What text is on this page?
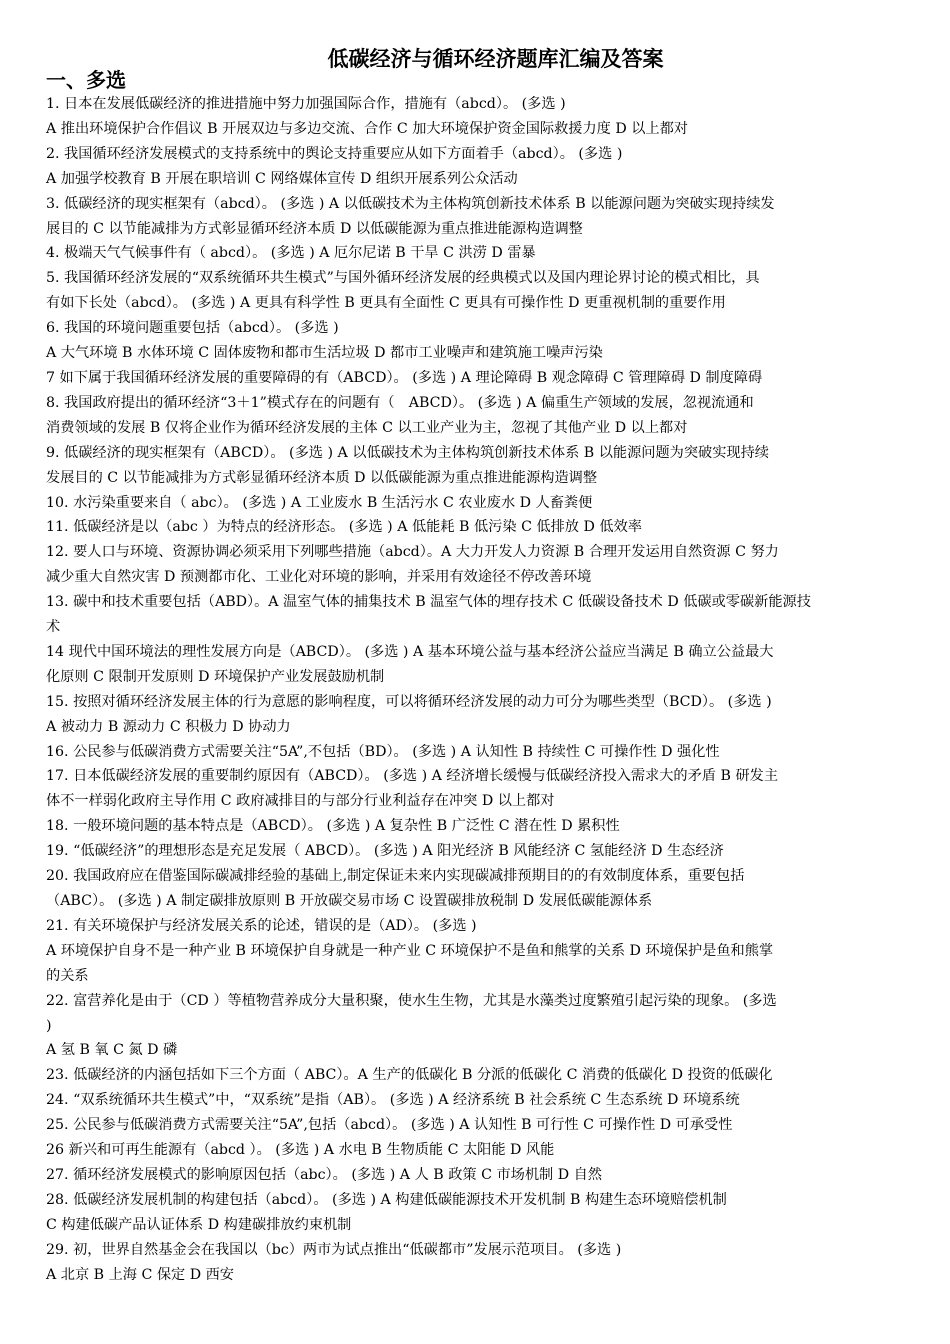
低碳经济与循环经济题库汇编及答案
一、多选

1. 日本在发展低碳经济的推进措施中努力加强国际合作，措施有（abcd）。 (多选 )

A 推出环境保护合作倡议 B 开展双边与多边交流、合作 C 加大环境保护资金国际救援力度 D 以上都对

2. 我国循环经济发展模式的支持系统中的舆论支持重要应从如下方面着手（abcd）。 (多选 )

A 加强学校教育 B 开展在职培训 C 网络媒体宣传 D 组织开展系列公众活动

3. 低碳经济的现实框架有（abcd）。 (多选 ) A 以低碳技术为主体构筑创新技术体系 B 以能源问题为突破实现持续发

展目的 C 以节能减排为方式彰显循环经济本质 D 以低碳能源为重点推进能源构造调整

4. 极端天气气候事件有（ abcd）。 (多选 ) A 厄尔尼诺 B 干旱 C 洪涝 D 雷暴

5. 我国循环经济发展的“双系统循环共生模式”与国外循环经济发展的经典模式以及国内理论界讨论的模式相比，具

有如下长处（abcd）。 (多选 ) A 更具有科学性 B 更具有全面性 C 更具有可操作性 D 更重视机制的重要作用

6. 我国的环境问题重要包括（abcd）。 (多选 )

A 大气环境 B 水体环境 C 固体废物和都市生活垃圾 D 都市工业噪声和建筑施工噪声污染

7 如下属于我国循环经济发展的重要障碍的有（ABCD）。 (多选 ) A 理论障碍 B 观念障碍 C 管理障碍 D 制度障碍

8. 我国政府提出的循环经济“3＋1”模式存在的问题有（　ABCD）。 (多选 ) A 偏重生产领域的发展，忽视流通和

消费领域的发展 B 仅将企业作为循环经济发展的主体 C 以工业产业为主，忽视了其他产业 D 以上都对

9. 低碳经济的现实框架有（ABCD）。 (多选 ) A 以低碳技术为主体构筑创新技术体系 B 以能源问题为突破实现持续

发展目的 C 以节能减排为方式彰显循环经济本质 D 以低碳能源为重点推进能源构造调整

10. 水污染重要来自（ abc）。 (多选 ) A 工业废水 B 生活污水 C 农业废水 D 人畜粪便

11. 低碳经济是以（abc ）为特点的经济形态。 (多选 ) A 低能耗 B 低污染 C 低排放 D 低效率

12. 要人口与环境、资源协调必须采用下列哪些措施（abcd）。A 大力开发人力资源 B 合理开发运用自然资源 C 努力

减少重大自然灾害 D 预测都市化、工业化对环境的影响，并采用有效途径不停改善环境

13. 碳中和技术重要包括（ABD）。A 温室气体的捕集技术 B 温室气体的埋存技术 C 低碳设备技术 D 低碳或零碳新能源技

术

14 现代中国环境法的理性发展方向是（ABCD）。 (多选 ) A 基本环境公益与基本经济公益应当满足 B 确立公益最大

化原则 C 限制开发原则 D 环境保护产业发展鼓励机制

15. 按照对循环经济发展主体的行为意愿的影响程度，可以将循环经济发展的动力可分为哪些类型（BCD）。 (多选 )

A 被动力 B 源动力 C 积极力 D 协动力

16. 公民参与低碳消费方式需要关注“5A”,不包括（BD）。 (多选 ) A 认知性 B 持续性 C 可操作性 D 强化性

17. 日本低碳经济发展的重要制约原因有（ABCD）。 (多选 ) A 经济增长缓慢与低碳经济投入需求大的矛盾 B 研发主

体不一样弱化政府主导作用 C 政府减排目的与部分行业利益存在冲突 D 以上都对

18. 一般环境问题的基本特点是（ABCD）。 (多选 ) A 复杂性 B 广泛性 C 潜在性 D 累积性

19. “低碳经济”的理想形态是充足发展（ ABCD）。 (多选 ) A 阳光经济 B 风能经济 C 氢能经济 D 生态经济

20. 我国政府应在借鉴国际碳减排经验的基础上,制定保证未来内实现碳减排预期目的的有效制度体系，重要包括

（ABC）。 (多选 ) A 制定碳排放原则 B 开放碳交易市场 C 设置碳排放税制 D 发展低碳能源体系

21. 有关环境保护与经济发展关系的论述，错误的是（AD）。 (多选 )

A 环境保护自身不是一种产业 B 环境保护自身就是一种产业 C 环境保护不是鱼和熊掌的关系 D 环境保护是鱼和熊掌

的关系

22. 富营养化是由于（CD ）等植物营养成分大量积聚，使水生生物，尤其是水藻类过度繁殖引起污染的现象。 (多选

)

A 氢 B 氧 C 氮 D 磷

23. 低碳经济的内涵包括如下三个方面（ ABC）。A 生产的低碳化 B 分派的低碳化 C 消费的低碳化 D 投资的低碳化

24. “双系统循环共生模式”中，“双系统”是指（AB）。 (多选 ) A 经济系统 B 社会系统 C 生态系统 D 环境系统

25. 公民参与低碳消费方式需要关注“5A”,包括（abcd）。 (多选 ) A 认知性 B 可行性 C 可操作性 D 可承受性

26 新兴和可再生能源有（abcd ）。 (多选 ) A 水电 B 生物质能 C 太阳能 D 风能

27. 循环经济发展模式的影响原因包括（abc）。 (多选 ) A 人 B 政策 C 市场机制 D 自然

28. 低碳经济发展机制的构建包括（abcd）。 (多选 ) A 构建低碳能源技术开发机制 B 构建生态环境赔偿机制

C 构建低碳产品认证体系 D 构建碳排放约束机制

29. 初，世界自然基金会在我国以（bc）两市为试点推出“低碳都市”发展示范项目。 (多选 )

A 北京 B 上海 C 保定 D 西安
